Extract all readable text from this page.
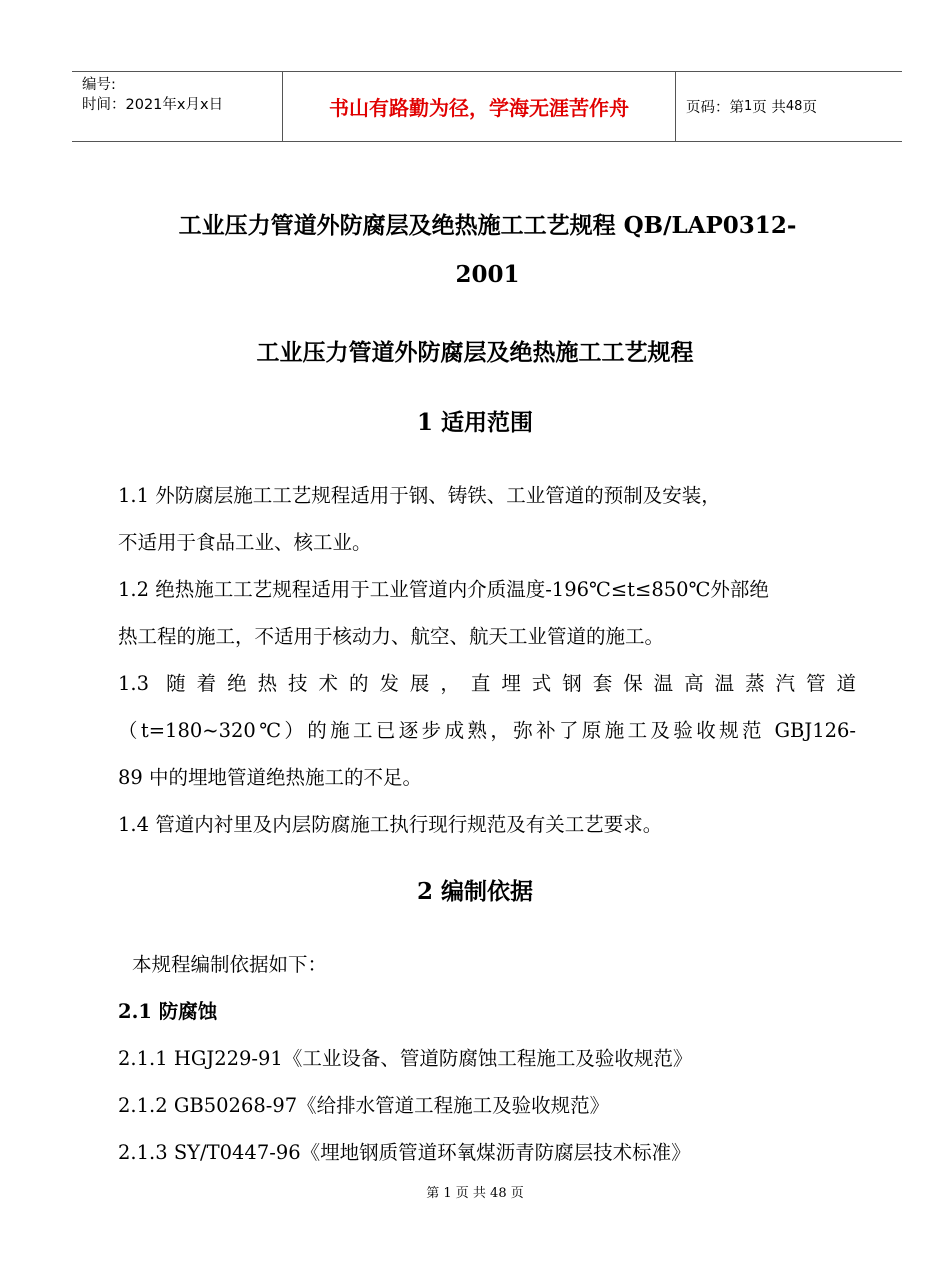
编号:
时间：2021年x月x日	书山有路勤为径，学海无涯苦作舟	页码：第 1 页 共 48 页
工业压力管道外防腐层及绝热施工工艺规程 QB/LAP0312-
2001
工业压力管道外防腐层及绝热施工工艺规程
1 适用范围
1.1 外防腐层施工工艺规程适用于钢、铸铁、工业管道的预制及安装，
不适用于食品工业、核工业。
1.2 绝热施工工艺规程适用于工业管道内介质温度-196℃≤t≤850℃外部绝
热工程的施工，不适用于核动力、航空、航天工业管道的施工。
1.3 随着绝热技术的发展，直埋式钢套保温高温蒸汽管道
（t=180~320℃）的施工已逐步成熟，弥补了原施工及验收规范 GBJ126-
89 中的埋地管道绝热施工的不足。
1.4 管道内衬里及内层防腐施工执行现行规范及有关工艺要求。
2 编制依据
本规程编制依据如下：
2.1 防腐蚀
2.1.1 HGJ229-91《工业设备、管道防腐蚀工程施工及验收规范》
2.1.2 GB50268-97《给排水管道工程施工及验收规范》
2.1.3 SY/T0447-96《埋地钢质管道环氧煤沥青防腐层技术标准》
第 1 页 共 48 页
